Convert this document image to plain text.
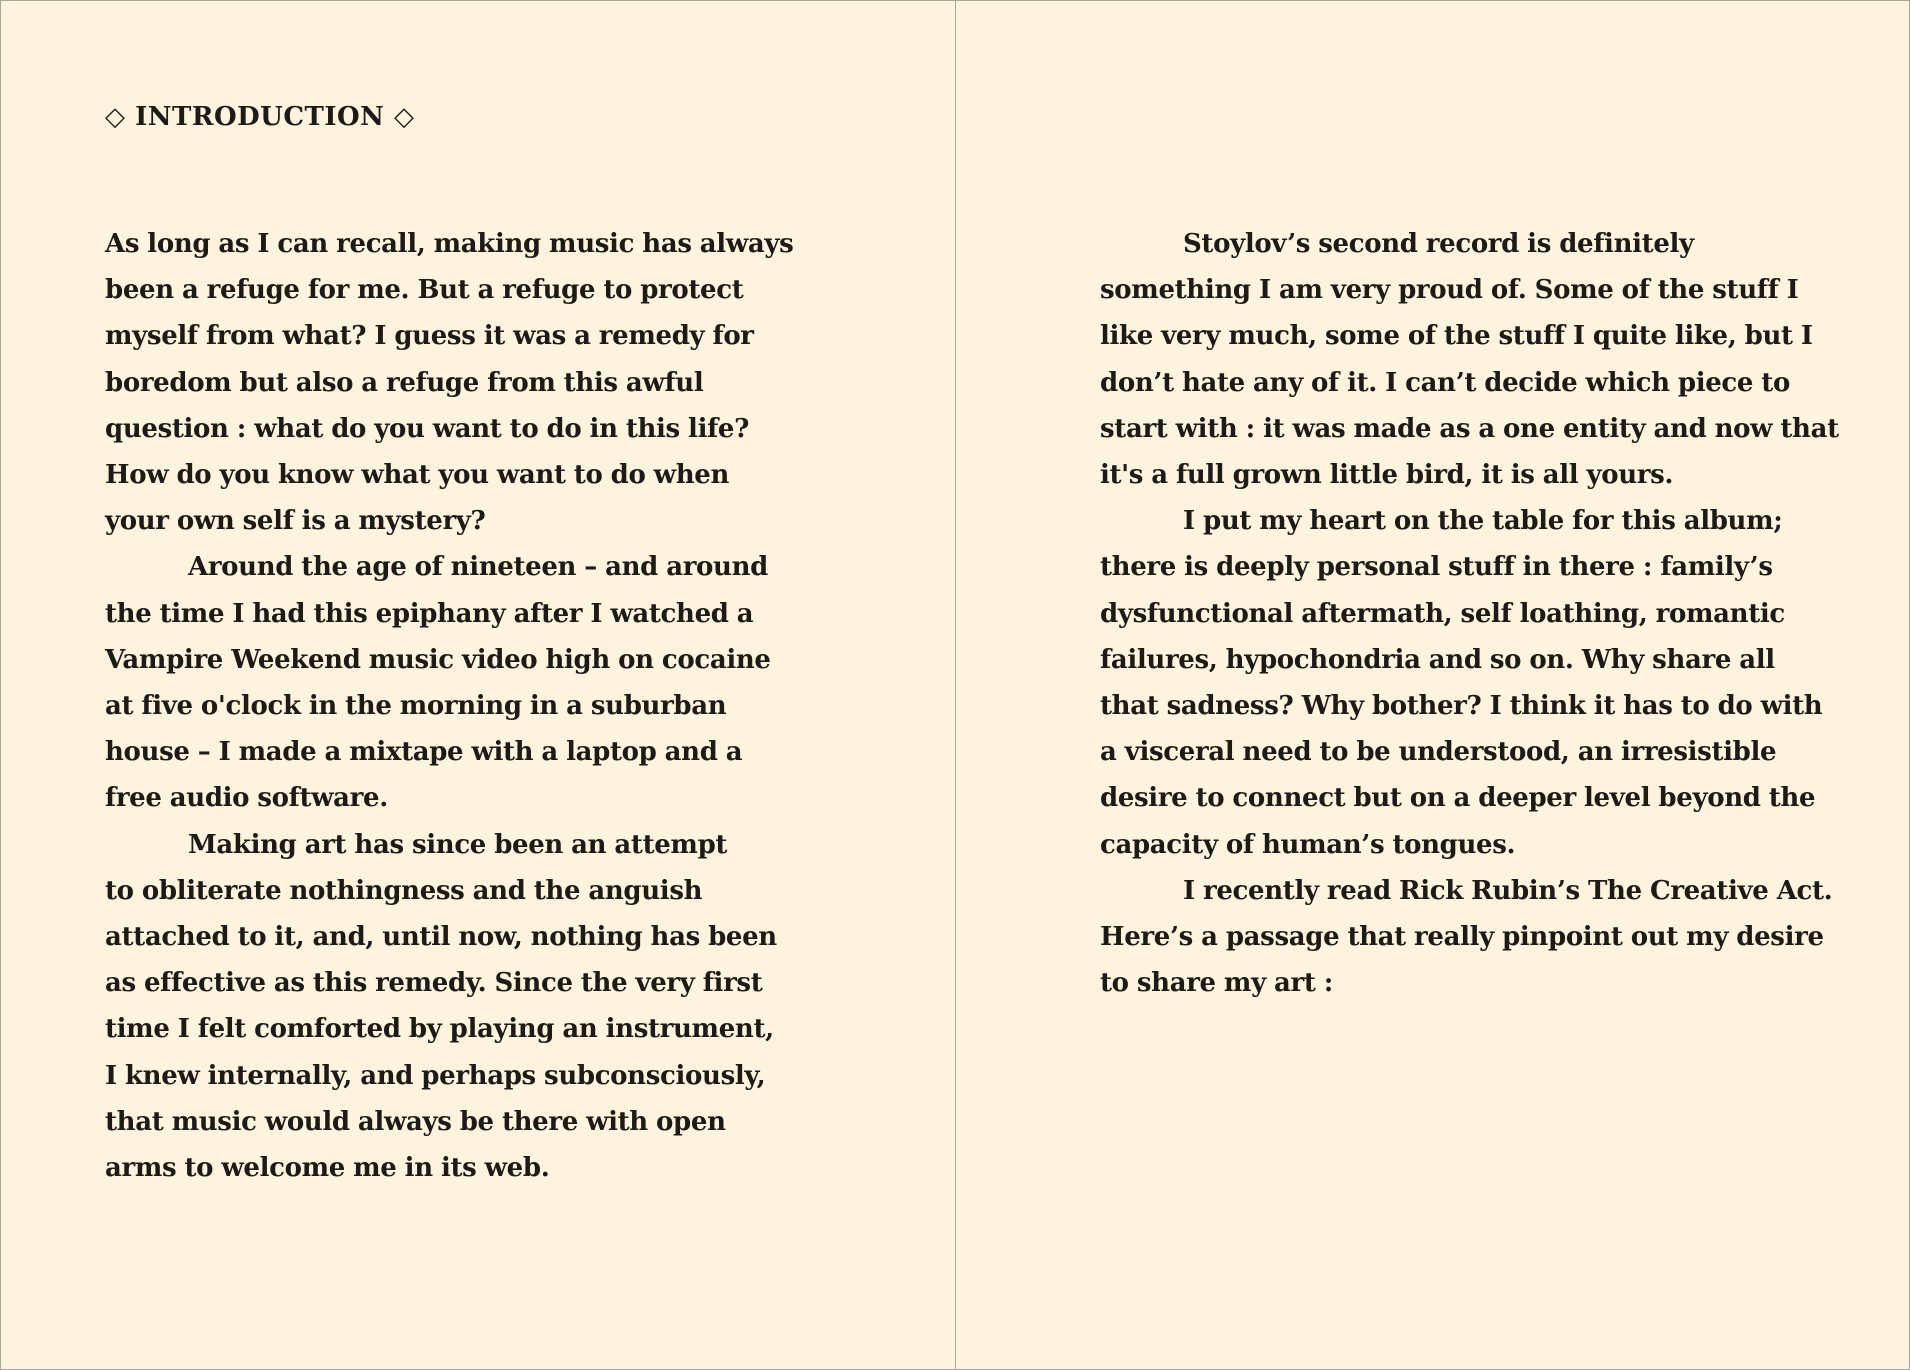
◇ INTRODUCTION ◇

As long as I can recall, making music has always
been a refuge for me. But a refuge to protect
myself from what? I guess it was a remedy for
boredom but also a refuge from this awful
question : what do you want to do in this life?
How do you know what you want to do when
your own self is a mystery?

Around the age of nineteen – and around
the time I had this epiphany after I watched a
Vampire Weekend music video high on cocaine
at five o'clock in the morning in a suburban
house – I made a mixtape with a laptop and a
free audio software.

Making art has since been an attempt
to obliterate nothingness and the anguish
attached to it, and, until now, nothing has been
as effective as this remedy. Since the very first
time I felt comforted by playing an instrument,
I knew internally, and perhaps subconsciously,
that music would always be there with open
arms to welcome me in its web.

Stoylov’s second record is definitely
something I am very proud of. Some of the stuff I
like very much, some of the stuff I quite like, but I
don’t hate any of it. I can’t decide which piece to
start with : it was made as a one entity and now that
it's a full grown little bird, it is all yours.

I put my heart on the table for this album;
there is deeply personal stuff in there : family’s
dysfunctional aftermath, self loathing, romantic
failures, hypochondria and so on. Why share all
that sadness? Why bother? I think it has to do with
a visceral need to be understood, an irresistible
desire to connect but on a deeper level beyond the
capacity of human’s tongues.

I recently read Rick Rubin’s The Creative Act.
Here’s a passage that really pinpoint out my desire
to share my art :
